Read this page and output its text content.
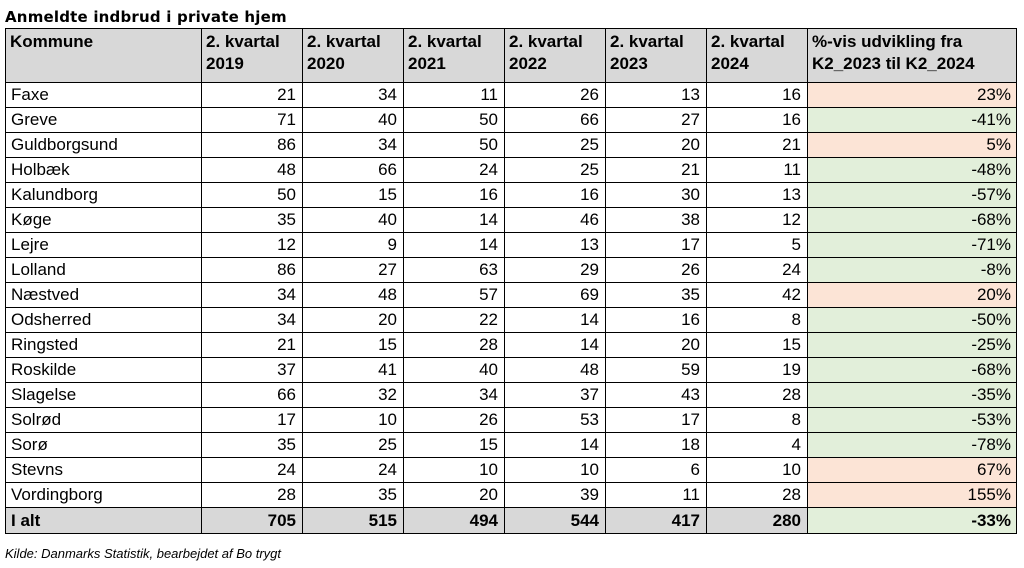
Anmeldte indbrud i private hjem
Kommune	2. kvartal 2019	2. kvartal 2020	2. kvartal 2021	2. kvartal 2022	2. kvartal 2023	2. kvartal 2024	%-vis udvikling fra K2_2023 til K2_2024
Faxe	21	34	11	26	13	16	23%
Greve	71	40	50	66	27	16	-41%
Guldborgsund	86	34	50	25	20	21	5%
Holbæk	48	66	24	25	21	11	-48%
Kalundborg	50	15	16	16	30	13	-57%
Køge	35	40	14	46	38	12	-68%
Lejre	12	9	14	13	17	5	-71%
Lolland	86	27	63	29	26	24	-8%
Næstved	34	48	57	69	35	42	20%
Odsherred	34	20	22	14	16	8	-50%
Ringsted	21	15	28	14	20	15	-25%
Roskilde	37	41	40	48	59	19	-68%
Slagelse	66	32	34	37	43	28	-35%
Solrød	17	10	26	53	17	8	-53%
Sorø	35	25	15	14	18	4	-78%
Stevns	24	24	10	10	6	10	67%
Vordingborg	28	35	20	39	11	28	155%
I alt	705	515	494	544	417	280	-33%
Kilde: Danmarks Statistik, bearbejdet af Bo trygt
